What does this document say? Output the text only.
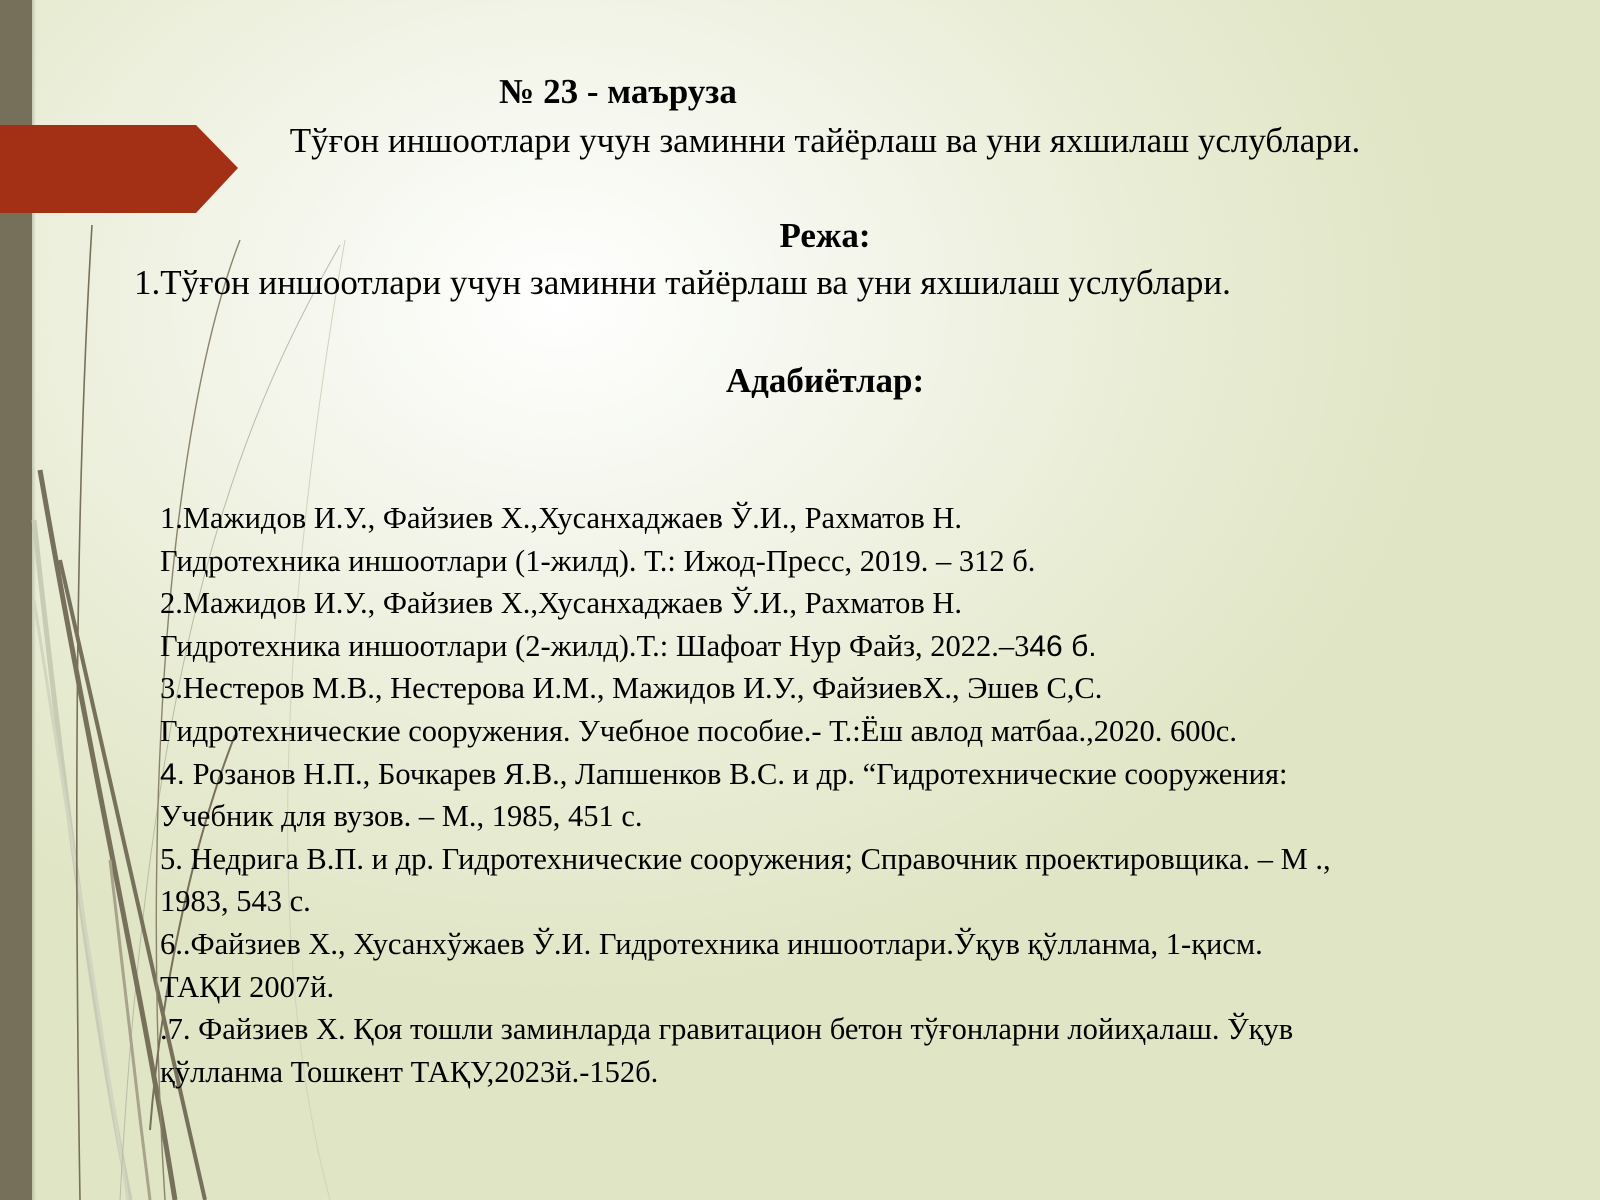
№ 23 - маъруза
Тўғон иншоотлари учун заминни тайёрлаш ва уни яхшилаш услублари.
Режа:
1.Тўғон иншоотлари учун заминни тайёрлаш ва уни яхшилаш услублари.
Адабиётлар:
1.Мажидов И.У., Файзиев Х.,Хусанхаджаев Ў.И., Рахматов Н.
Гидротехника иншоотлари (1-жилд). Т.: Ижод-Пресс, 2019. – 312 б.
2.Мажидов И.У., Файзиев Х.,Хусанхаджаев Ў.И., Рахматов Н.
Гидротехника иншоотлари (2-жилд).Т.: Шафоат Нур Файз, 2022.–346 б.
3.Нестеров М.В., Нестерова И.М., Мажидов И.У., ФайзиевХ., Эшев С,С.
Гидротехнические сооружения. Учебное пособие.- Т.:Ёш авлод матбаа.,2020. 600с.
4. Розанов Н.П., Бочкарев Я.В., Лапшенков В.С. и др. “Гидротехнические сооружения:
Учебник для вузов. – М., 1985, 451 с.
5. Недрига В.П. и др. Гидротехнические сооружения; Справочник проектировщика. – М .,
1983, 543 с.
6..Файзиев Х., Хусанхўжаев Ў.И. Гидротехника иншоотлари.Ўқув қўлланма, 1-қисм.
ТАҚИ 2007й.
.7. Файзиев Х. Қоя тошли заминларда гравитацион бетон тўғонларни лойиҳалаш. Ўқув
қўлланма Тошкент ТАҚУ,2023й.-152б.
